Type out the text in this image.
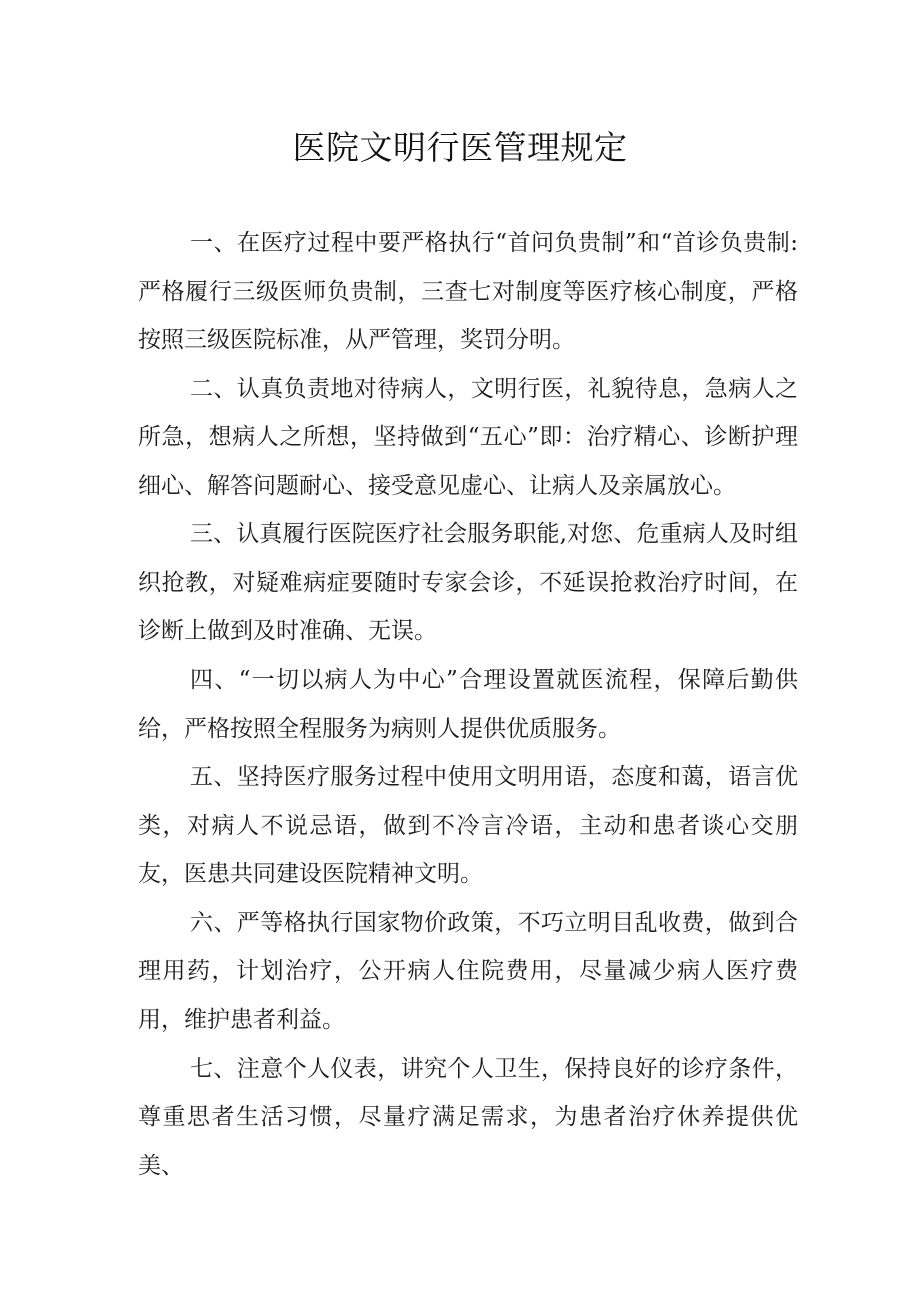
医院文明行医管理规定

一、在医疗过程中要严格执行“首问负贵制”和“首诊负贵制:严格履行三级医师负贵制，三查七对制度等医疗核心制度，严格按照三级医院标准，从严管理，奖罚分明。

二、认真负责地对待病人，文明行医，礼貌待息，急病人之所急，想病人之所想，坚持做到“五心”即：治疗精心、诊断护理细心、解答问题耐心、接受意见虚心、让病人及亲属放心。

三、认真履行医院医疗社会服务职能,对您、危重病人及时组织抢教，对疑难病症要随时专家会诊，不延误抢救治疗时间，在诊断上做到及时准确、无误。

四、“一切以病人为中心”合理设置就医流程，保障后勤供给，严格按照全程服务为病则人提供优质服务。

五、坚持医疗服务过程中使用文明用语，态度和蔼，语言优类，对病人不说忌语，做到不冷言冷语，主动和患者谈心交朋友，医患共同建设医院精神文明。

六、严等格执行国家物价政策，不巧立明目乱收费，做到合理用药，计划治疗，公开病人住院费用，尽量减少病人医疗费用，维护患者利益。

七、注意个人仪表，讲究个人卫生，保持良好的诊疗条件，尊重思者生活习惯，尽量疗满足需求，为患者治疗休养提供优美、
